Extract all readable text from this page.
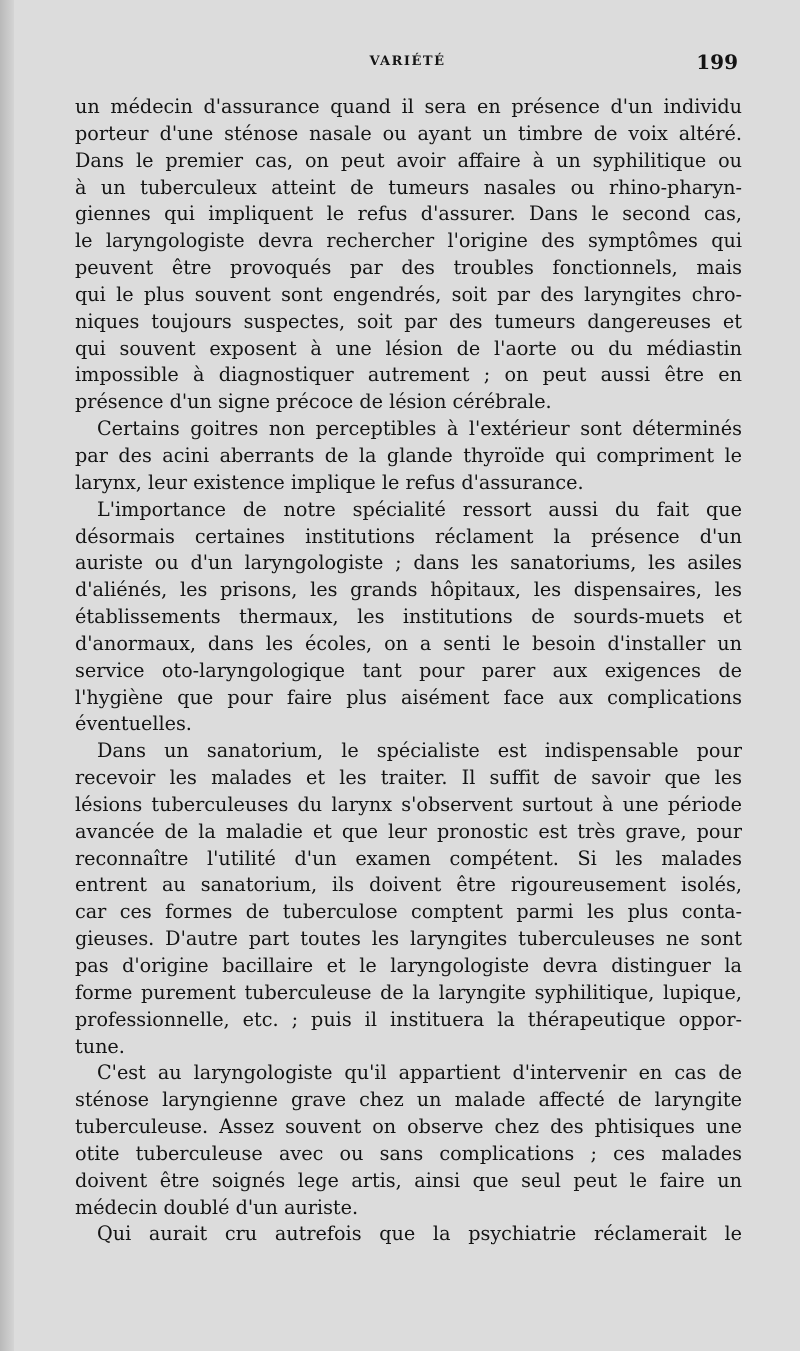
VARIÉTÉ	199
un médecin d'assurance quand il sera en présence d'un individu
porteur d'une sténose nasale ou ayant un timbre de voix altéré.
Dans le premier cas, on peut avoir affaire à un syphilitique ou
à un tuberculeux atteint de tumeurs nasales ou rhino-pharyn-
giennes qui impliquent le refus d'assurer. Dans le second cas,
le laryngologiste devra rechercher l'origine des symptômes qui
peuvent être provoqués par des troubles fonctionnels, mais
qui le plus souvent sont engendrés, soit par des laryngites chro-
niques toujours suspectes, soit par des tumeurs dangereuses et
qui souvent exposent à une lésion de l'aorte ou du médiastin
impossible à diagnostiquer autrement ; on peut aussi être en
présence d'un signe précoce de lésion cérébrale.
Certains goitres non perceptibles à l'extérieur sont déterminés
par des acini aberrants de la glande thyroïde qui compriment le
larynx, leur existence implique le refus d'assurance.
L'importance de notre spécialité ressort aussi du fait que
désormais certaines institutions réclament la présence d'un
auriste ou d'un laryngologiste ; dans les sanatoriums, les asiles
d'aliénés, les prisons, les grands hôpitaux, les dispensaires, les
établissements thermaux, les institutions de sourds-muets et
d'anormaux, dans les écoles, on a senti le besoin d'installer un
service oto-laryngologique tant pour parer aux exigences de
l'hygiène que pour faire plus aisément face aux complications
éventuelles.
Dans un sanatorium, le spécialiste est indispensable pour
recevoir les malades et les traiter. Il suffit de savoir que les
lésions tuberculeuses du larynx s'observent surtout à une période
avancée de la maladie et que leur pronostic est très grave, pour
reconnaître l'utilité d'un examen compétent. Si les malades
entrent au sanatorium, ils doivent être rigoureusement isolés,
car ces formes de tuberculose comptent parmi les plus conta-
gieuses. D'autre part toutes les laryngites tuberculeuses ne sont
pas d'origine bacillaire et le laryngologiste devra distinguer la
forme purement tuberculeuse de la laryngite syphilitique, lupique,
professionnelle, etc. ; puis il instituera la thérapeutique oppor-
tune.
C'est au laryngologiste qu'il appartient d'intervenir en cas de
sténose laryngienne grave chez un malade affecté de laryngite
tuberculeuse. Assez souvent on observe chez des phtisiques une
otite tuberculeuse avec ou sans complications ; ces malades
doivent être soignés lege artis, ainsi que seul peut le faire un
médecin doublé d'un auriste.
Qui aurait cru autrefois que la psychiatrie réclamerait le
